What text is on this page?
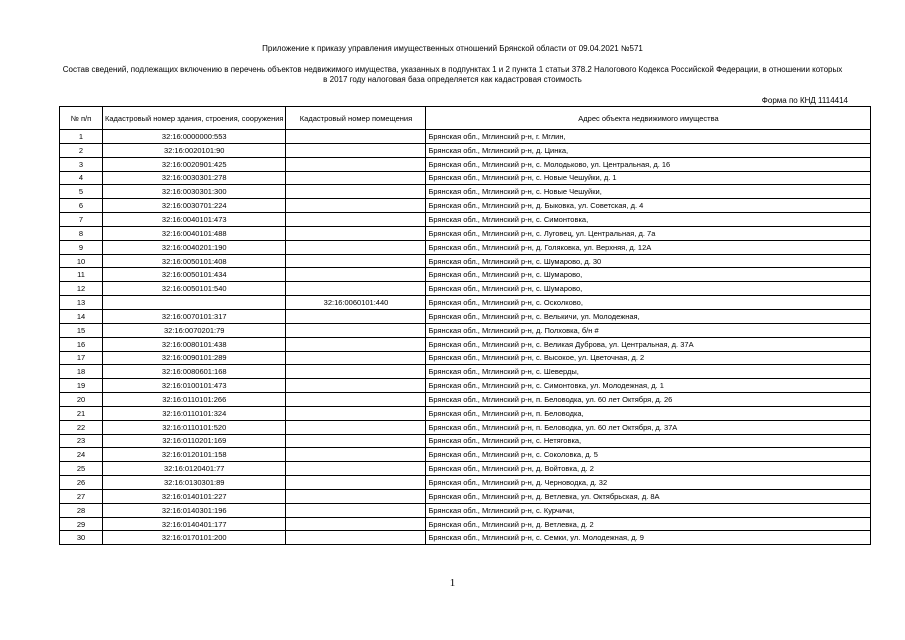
Приложение к приказу управления имущественных отношений Брянской области от 09.04.2021 №571
Состав сведений, подлежащих включению в перечень объектов недвижимого имущества, указанных в подпунктах 1 и 2 пункта 1 статьи 378.2 Налогового Кодекса Российской Федерации, в отношении которых в 2017 году налоговая база определяется как кадастровая стоимость
Форма по КНД 1114414
№ п/п	Кадастровый номер здания, строения, сооружения	Кадастровый номер помещения	Адрес объекта недвижимого имущества
1	32:16:0000000:553		Брянская обл., Мглинский р-н, г. Мглин,
2	32:16:0020101:90		Брянская обл., Мглинский р-н, д. Цинка,
3	32:16:0020901:425		Брянская обл., Мглинский р-н, с. Молодьково, ул. Центральная, д. 16
4	32:16:0030301:278		Брянская обл., Мглинский р-н, с. Новые Чешуйки, д. 1
5	32:16:0030301:300		Брянская обл., Мглинский р-н, с. Новые Чешуйки,
6	32:16:0030701:224		Брянская обл., Мглинский р-н, д. Быковка, ул. Советская, д. 4
7	32:16:0040101:473		Брянская обл., Мглинский р-н, с. Симонтовка,
8	32:16:0040101:488		Брянская обл., Мглинский р-н, с. Луговец, ул. Центральная, д. 7а
9	32:16:0040201:190		Брянская обл., Мглинский р-н, д. Голяковка, ул. Верхняя, д. 12А
10	32:16:0050101:408		Брянская обл., Мглинский р-н, с. Шумарово, д. 30
11	32:16:0050101:434		Брянская обл., Мглинский р-н, с. Шумарово,
12	32:16:0050101:540		Брянская обл., Мглинский р-н, с. Шумарово,
13		32:16:0060101:440	Брянская обл., Мглинский р-н, с. Осколково,
14	32:16:0070101:317		Брянская обл., Мглинский р-н, с. Велькичи, ул. Молодежная,
15	32:16:0070201:79		Брянская обл., Мглинский р-н, д. Полховка, б/н #
16	32:16:0080101:438		Брянская обл., Мглинский р-н, с. Великая Дуброва, ул. Центральная, д. 37А
17	32:16:0090101:289		Брянская обл., Мглинский р-н, с. Высокое, ул. Цветочная, д. 2
18	32:16:0080601:168		Брянская обл., Мглинский р-н, с. Шеверды,
19	32:16:0100101:473		Брянская обл., Мглинский р-н, с. Симонтовка, ул. Молодежная, д. 1
20	32:16:0110101:266		Брянская обл., Мглинский р-н, п. Беловодка, ул. 60 лет Октября, д. 26
21	32:16:0110101:324		Брянская обл., Мглинский р-н, п. Беловодка,
22	32:16:0110101:520		Брянская обл., Мглинский р-н, п. Беловодка, ул. 60 лет Октября, д. 37А
23	32:16:0110201:169		Брянская обл., Мглинский р-н, с. Нетяговка,
24	32:16:0120101:158		Брянская обл., Мглинский р-н, с. Соколовка, д. 5
25	32:16:0120401:77		Брянская обл., Мглинский р-н, д. Войтовка, д. 2
26	32:16:0130301:89		Брянская обл., Мглинский р-н, д. Черноводка, д. 32
27	32:16:0140101:227		Брянская обл., Мглинский р-н, д. Ветлевка, ул. Октябрьская, д. 8А
28	32:16:0140301:196		Брянская обл., Мглинский р-н, с. Курчичи,
29	32:16:0140401:177		Брянская обл., Мглинский р-н, д. Ветлевка, д. 2
30	32:16:0170101:200		Брянская обл., Мглинский р-н, с. Семки, ул. Молодежная, д. 9
1
